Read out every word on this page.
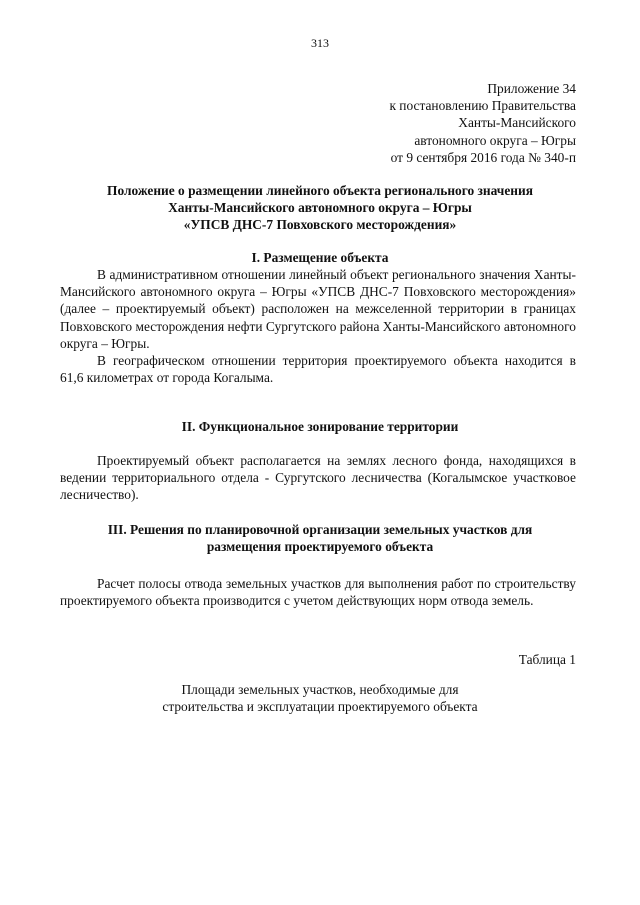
313
Приложение 34
к постановлению Правительства
Ханты-Мансийского
автономного округа – Югры
от 9 сентября 2016 года № 340-п
Положение о размещении линейного объекта регионального значения
Ханты-Мансийского автономного округа – Югры
«УПСВ ДНС-7 Повховского месторождения»
I. Размещение объекта

В административном отношении линейный объект регионального значения Ханты-Мансийского автономного округа – Югры «УПСВ ДНС-7 Повховского месторождения» (далее – проектируемый объект) расположен на межселенной территории в границах Повховского месторождения нефти Сургутского района Ханты-Мансийского автономного округа – Югры.

В географическом отношении территория проектируемого объекта находится в 61,6 километрах от города Когалыма.

II. Функциональное зонирование территории

Проектируемый объект располагается на землях лесного фонда, находящихся в ведении территориального отдела - Сургутского лесничества (Когалымское участковое лесничество).

III. Решения по планировочной организации земельных участков для
размещения проектируемого объекта

Расчет полосы отвода земельных участков для выполнения работ по строительству проектируемого объекта производится с учетом действующих норм отвода земель.

Таблица 1
Площади земельных участков, необходимые для
строительства и эксплуатации проектируемого объекта
